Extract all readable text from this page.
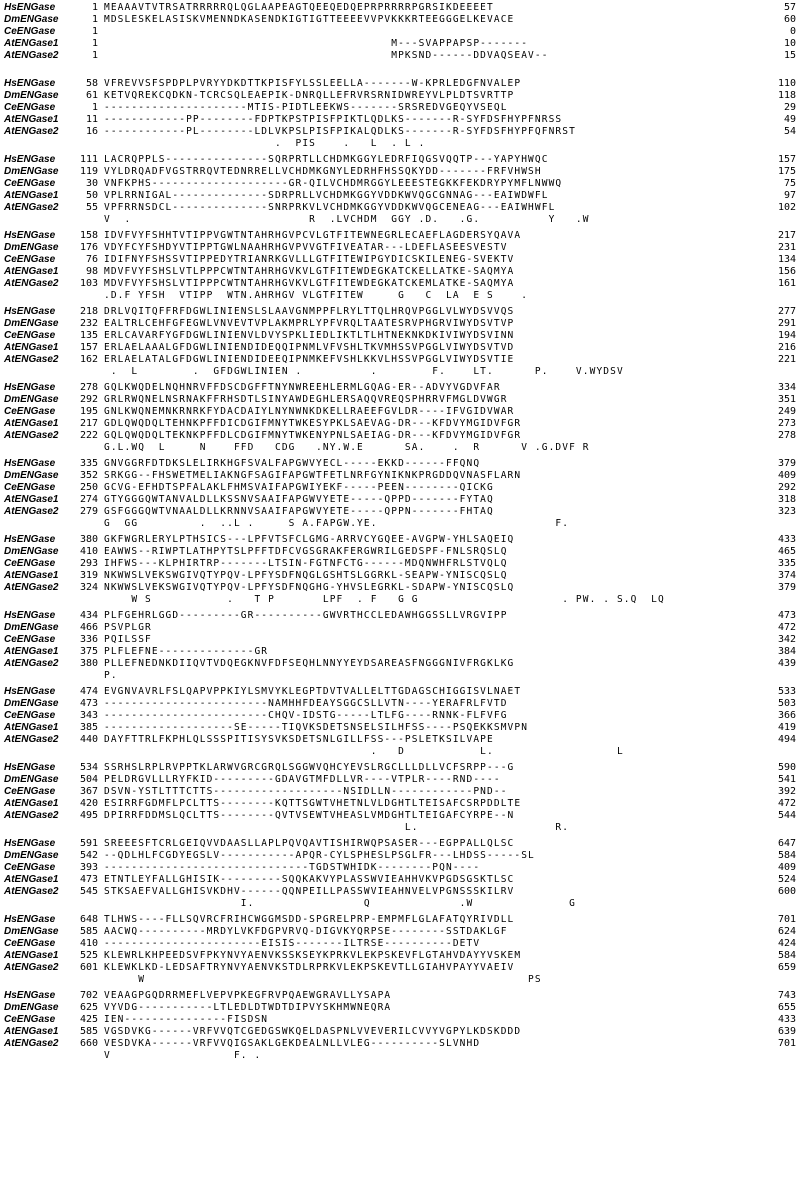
HsENGase	1 MEAAAVTVTRSATRRRRRQLQGLAAPEAGTQEEQEDQEPRPRRRRPGRSIKDEEEET	57
DmENGase	1 MDSLESKELASISKVMENNDKASENDKIGTIGTTEEEEVVPVKKKRTEEGGGELKEVACE	60
CeENGase	1	0
AtENGase1	1 M---SVAPPAPSP-------	10
AtENGase2	1 MPKSND------DDVAQSEAV--	15
HsENGase	58 VFREVVSFSPDPLPVRYYDKDTTKPISFYLSSLEELLA-------W-KPRLEDGFNVALEP	110
DmENGase	61 KETVQREKCQDKN-TCRCSQLEAEPIK-DNRQLLEFRVRSRNIDWREYVLPLDTSVRTTP	118
CeENGase	1 ---------------------MTIS-PIDTLEEKWS-------SRSREDVGEQYVSEQL	29
AtENGase1	11 ------------PP--------FDPTKPSTPISFPIKTLQDLKS-------R-SYFDSFHYPFNRSS	49
AtENGase2	16 ------------PL--------LDLVKPSLPISFPIKALQDLKS-------R-SYFDSFHYPFQFNRST	54
.  PIS    .   L  . L .
HsENGase	111 LACRQPPLS---------------SQRPRTLLCHDMKGGYLEDRFIQGSVQQTP---YAPYHWQC	157
DmENGase	119 VYLDRQADFVGSTRRQVTEDNRRELLVCHDMKGNYLEDRHFHSSQKYDD-------FRFVHWSH	175
CeENGase	30 VNFKPHS--------------------GR-QILVCHDMRGGYLEEESTEGKKFEKDRYPYMFLNWWQ	75
AtENGase1	50 VPLRRNIGAL--------------SDRPRLLVCHDMKGGYVDDKWVQGCGNNAG---EAIWDWFL	97
AtENGase2	55 VPFRRNSDCL--------------SNRPRKVLVCHDMKGGYVDDKWVQGCENEAG---EAIWHWFL	102
V  .                          R  .LVCHDM  GGY .D.   .G.          Y   .W
HsENGase	158 IDVFVYFSHHTVTIPPVGWTNTAHRHGVPCVLGTFITEWNEGRLECAEFLAGDERSYQAVA	217
DmENGase	176 VDYFCYFSHDYVTIPPTGWLNAAHRHGVPVVGTFIVEATAR---LDEFLASEESVESTV	231
CeENGase	76 IDIFNYFSHSSVTIPPEDYTRIANRKGVLLLGTFITEWIPGYDICSKILENEG-SVEKTV	134
AtENGase1	98 MDVFVYFSHSLVTLPPPCWTNTAHRHGVKVLGTFITEWDEGKATCKELLATKE-SAQMYA	156
AtENGase2	103 MDVFVYFSHSLVTIPPPCWTNTAHRHGVKVLGTFITEWDEGKATCKEMLATKE-SAQMYA	161
.D.F YFSH  VTIPP  WTN.AHRHGV VLGTFITEW     G   C  LA  E S    .
HsENGase	218 DRLVQITQFFRFDGWLINIENSLSLAAVGNMPPFLRYLTTQLHRQVPGGLVLWYDSVVQS	277
DmENGase	232 EALTRLCEHFGFEGWLVNVEVTVPLAKMPRLYPFVRQLTAATESRVPHGRVIWYDSVTVP	291
CeENGase	135 ERLCAVARFYGFDGWLINIENVLDVYSPKLIEDLIKTLTLHTNEKNKDKIVIWYDSVINN	194
AtENGase1	157 ERLAELAAALGFDGWLINIENDIDEQQIPNMLVFVSHLTKVMHSSVPGGLVIWYDSVTVD	216
AtENGase2	162 ERLAELATALGFDGWLINIENDIDEEQIPNMKEFVSHLKKVLHSSVPGGLVIWYDSVTIE	221
.  L        .  GFDGWLINIEN .          .        F.    LT.      P.    V.WYDSV
HsENGase	278 GQLKWQDELNQHNRVFFDSCDGFFTNYNWREEHLERMLGQAG-ER--ADVYVGDVFAR	334
DmENGase	292 GRLRWQNELNSRNAKFFRHSDTLSINYAWDEGHLERSAQQVREQSPHRRVFMGLDVWGR	351
CeENGase	195 GNLKWQNEMNKRNRKFYDACDAIYLNYNWNKDKELLRAEEFGVLDR----IFVGIDVWAR	249
AtENGase1	217 GDLQWQDQLTEHNKPFFDICDGIFMNYTWKESYPKLSAEVAG-DR---KFDVYMGIDVFGR	273
AtENGase2	222 GQLQWQDQLTEKNKPFFDLCDGIFMNYTWKENYPNLSAEIAG-DR---KFDVYMGIDVFGR	278
G.L.WQ  L     N    FFD   CDG   .NY.W.E      SA.    .  R      V .G.DVF R
HsENGase	335 GNVGGRFDTDKSLELIRKHGFSVALFAPGWVYECL-----EKKD------FFQNQ	379
DmENGase	352 SRKGG--FHSWETMELIAKNGFSAGIFAPGWTFETLNRFGYNIKNKPRGDDQVNASFLARN	409
CeENGase	250 GCVG-EFHDTSPFALAKLFHMSVAIFAPGWIYEKF-----PEEN--------QICKG	292
AtENGase1	274 GTYGGGQWTANVALDLLKSSNVSAAIFAPGWVYETE-----QPPD-------FYTAQ	318
AtENGase2	279 GSFGGGQWTVNAALDLLKRNNVSAAIFAPGWVYETE-----QPPN-------FHTAQ	323
G  GG         .  ..L .     S A.FAPGW.YE.                          F.
HsENGase	380 GKFWGRLERYLPTHSICS---LPFVTSFCLGMG-ARRVCYGQEE-AVGPW-YHLSAQEIQ	433
DmENGase	410 EAWWS--RIWPTLATHPYTSLPFFTDFCVGSGRAKFERGWRILGEDSPF-FNLSRQSLQ	465
CeENGase	293 IHFWS---KLPHIRTRP-------LTSIN-FGTNFCTG------MDQNWHFRLSTVQLQ	335
AtENGase1	319 NKWWSLVEKSWGIVQTYPQV-LPFYSDFNQGLGSHTSLGGRKL-SEAPW-YNISCQSLQ	374
AtENGase2	324 NKWWSLVEKSWGIVQTYPQV-LPFYSDFNQGHG-YHVSLEGRKL-SDAPW-YNISCQSLQ	379
W S           .   T P       LPF  . F   G G                     . PW. . S.Q  LQ
HsENGase	434 PLFGEHRLGGD---------GR----------GWVRTHCCLEDAWHGGSSLLVRGVIPP	473
DmENGase	466 PSVPLGR	472
CeENGase	336 PQILSSF	342
AtENGase1	375 PLFLEFNE--------------GR	384
AtENGase2	380 PLLEFNEDNKDIIQVTVDQEGKNVFDFSEQHLNNYYEYDSAREASFNGGGNIVFRGKLKG	439
P.
HsENGase	474 EVGNVAVRLFSLQAPVPPKIYLSMVYKLEGPTDVTVALLELTTGDAGSCHIGGISVLNAET	533
DmENGase	473 ------------------------NAMHHFDEAYSGGCSLLVTN----YERAFRLFVTD	503
CeENGase	343 ------------------------CHQV-IDSTG-----LTLFG----RNNK-FLFVFG	366
AtENGase1	385 -------------------SE-----TIQVKSDETSNSELSILHFSS----PSQEKKSMVPN	419
AtENGase2	440 DAYFTTRLFKPHLQLSSSPITISYSVKSDETSNLGILLFSS---PSLETKSILVAPE	494
.   D           L.                  L
HsENGase	534 SSRHSLRPLRVPPTKLARWVGRCGRQLSGGWVQHCYEVSLRGCLLLDLLVCFSRPP---G	590
DmENGase	504 PELDRGVLLLRYFKID---------GDAVGTMFDLLVR----VTPLR----RND----	541
CeENGase	367 DSVN-YSTLTTTCTTS-------------------NSIDLLN------------PND--	392
AtENGase1	420 ESIRRFGDMFLPCLTTS--------KQTTSGWTVHETNLVLDGHTLTEISAFCSRPDDLTE	472
AtENGase2	495 DPIRRFDDMSLQCLTTS--------QVTVSEWTVHEASLVMDGHTLTEIGAFCYRPE--N	544
L.                    R.
HsENGase	591 SREEESFTCRLGEIQVVDAASLLAPLPQVQAVTISHIRWQPSASER---EGPPALLQLSC	647
DmENGase	542 --QDLHLFCGDYEGSLV-----------APQR-CYLSPHESLPSGLFR---LHDSS-----SL	584
CeENGase	393 ------------------------------TGDSTWHIDK--------PQN----	409
AtENGase1	473 ETNTLEYFALLGHISIK---------SQQKAKVYPLASSWVIEAHHVKVPGDSGSKTLSC	524
AtENGase2	545 STKSAEFVALLGHISVKDHV------QQNPEILLPASSWVIEAHNVELVPGNSSSKILRV	600
I.                Q             .W              G
HsENGase	648 TLHWS----FLLSQVRCFRIHCWGGMSDD-SPGRELPRP-EMPMFLGLAFATQYRIVDLL	701
DmENGase	585 AACWQ----------MRDYLVKFDGPVRVQ-DIGVKYQRPSE--------SSTDAKLGF	624
CeENGase	410 -----------------------EISIS-------ILTRSE----------DETV	424
AtENGase1	525 KLEWRLKHPEEDSVFPKYNVYAENVKSSKSEYKPRKVLEKPSKEVFLGTAHVDAYYVSKEM	584
AtENGase2	601 KLEWKLKD-LEDSAFTRYNVYAENVKSTDLRPRKVLEKPSKEVTLLGIAHVPAYYVAEIV	659
W                                                        PS
HsENGase	702 VEAAGPGQDRRMEFLVEPVPKEGFRVPQAEWGRAVLLYSAPA	743
DmENGase	625 VYVDG-----------LTLEDLDTWDTDIPVYSKHMWNEQRA	655
CeENGase	425 IEN---------------FISDSN	433
AtENGase1	585 VGSDVKG------VRFVVQTCGEDGSWKQELDASPNLVVEVERILCVVYVGPYLKDSKDDD	639
AtENGase2	660 VESDVKA------VRFVVQIGSAKLGEKDEALNLLVLEG----------SLVNHD	701
V                  F. .
